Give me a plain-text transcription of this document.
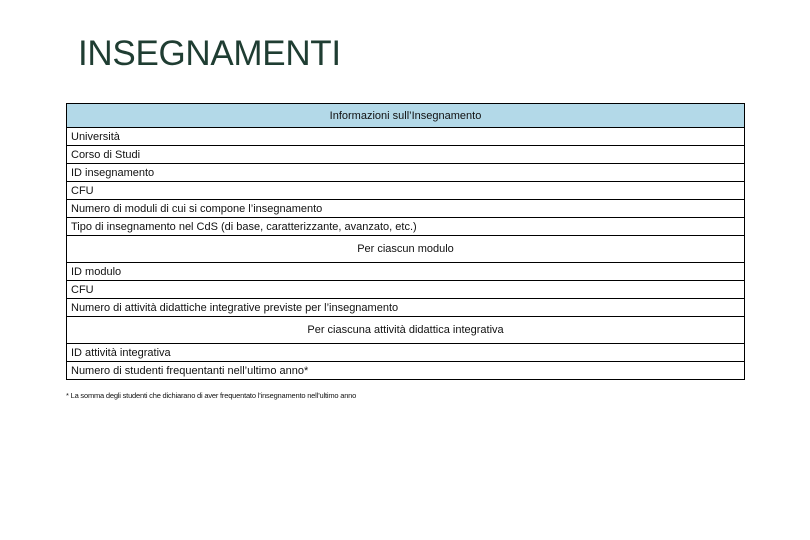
INSEGNAMENTI
Informazioni sull’Insegnamento
Università
Corso di Studi
ID insegnamento
CFU
Numero di moduli di cui si compone l’insegnamento
Tipo di insegnamento nel CdS (di base, caratterizzante, avanzato, etc.)
Per ciascun modulo
ID modulo
CFU
Numero di attività didattiche integrative previste per l’insegnamento
Per ciascuna attività didattica integrativa
ID attività integrativa
Numero di studenti frequentanti nell’ultimo anno*
* La somma degli studenti che dichiarano di aver frequentato l’insegnamento nell’ultimo anno
